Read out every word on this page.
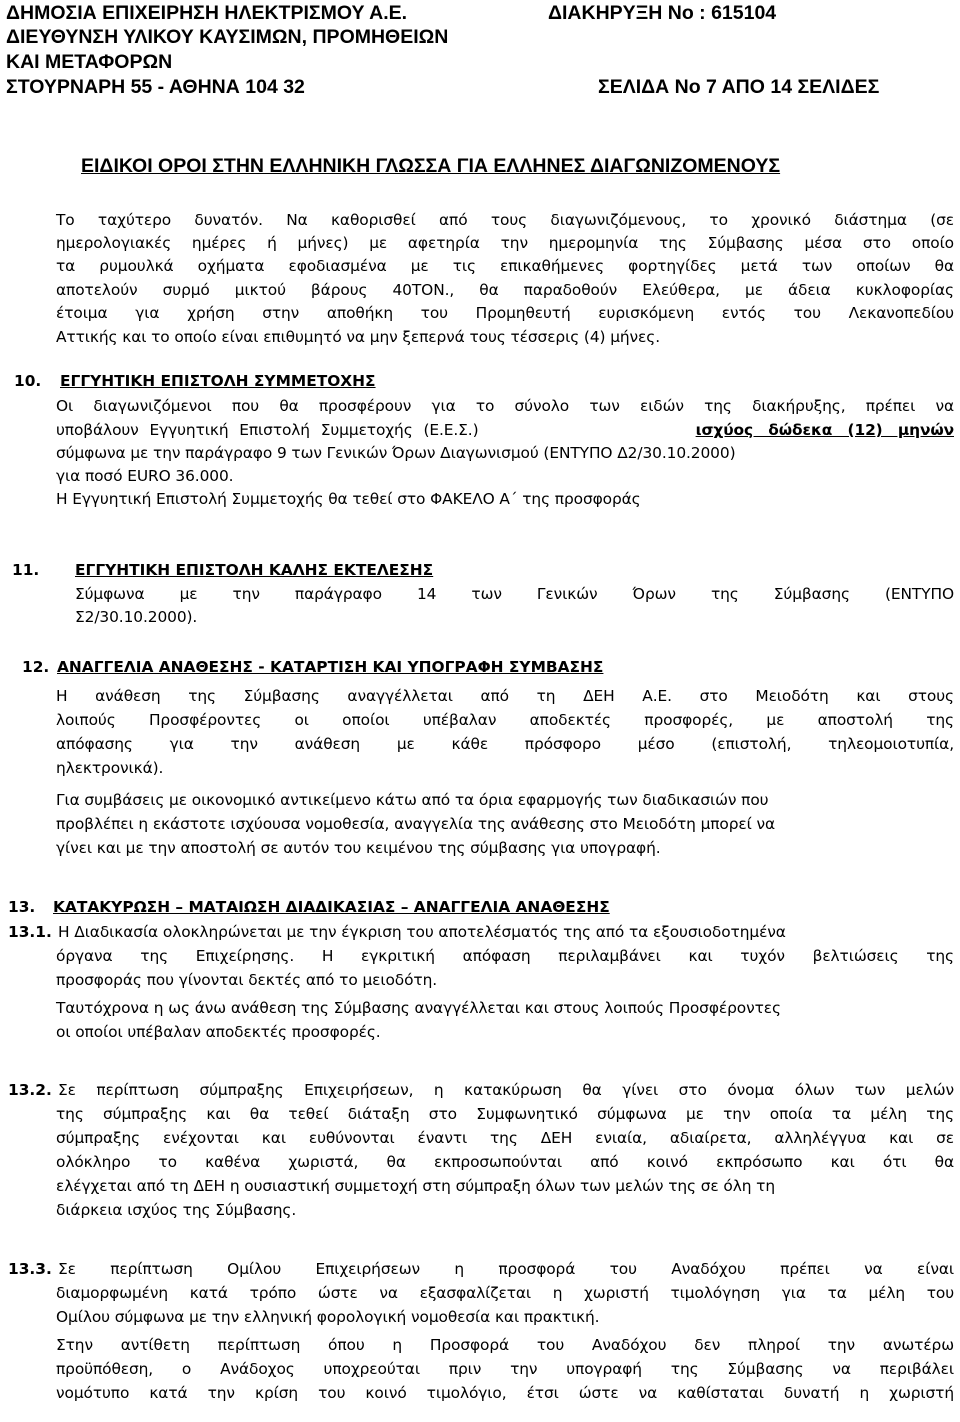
ΔΗΜΟΣΙΑ ΕΠΙΧΕΙΡΗΣΗ ΗΛΕΚΤΡΙΣΜΟΥ Α.Ε.	ΔΙΑΚΗΡΥΞΗ Νο : 615104
ΔΙΕΥΘΥΝΣΗ ΥΛΙΚΟΥ ΚΑΥΣΙΜΩΝ, ΠΡΟΜΗΘΕΙΩΝ
ΚΑΙ ΜΕΤΑΦΟΡΩΝ
ΣΤΟΥΡΝΑΡΗ 55 - ΑΘΗΝΑ 104 32	ΣΕΛΙΔΑ Νο 7 ΑΠΟ 14 ΣΕΛΙΔΕΣ
ΕΙΔΙΚΟΙ ΟΡΟΙ ΣΤΗΝ ΕΛΛΗΝΙΚΗ ΓΛΩΣΣΑ ΓΙΑ ΕΛΛΗΝΕΣ ΔΙΑΓΩΝΙΖΟΜΕΝΟΥΣ
Το ταχύτερο δυνατόν. Να καθορισθεί από τους διαγωνιζόμενους, το χρονικό διάστημα (σε
ημερολογιακές ημέρες ή μήνες) με αφετηρία την ημερομηνία της Σύμβασης μέσα στο οποίο
τα ρυμουλκά οχήματα εφοδιασμένα με τις επικαθήμενες φορτηγίδες μετά των οποίων θα
αποτελούν συρμό μικτού βάρους 40ΤΟΝ., θα παραδοθούν Ελεύθερα, με άδεια κυκλοφορίας
έτοιμα για χρήση στην αποθήκη του Προμηθευτή ευρισκόμενη εντός του Λεκανοπεδίου
Αττικής και το οποίο είναι επιθυμητό να μην ξεπερνά τους τέσσερις (4) μήνες.
10. ΕΓΓΥΗΤΙΚΗ ΕΠΙΣΤΟΛΗ ΣΥΜΜΕΤΟΧΗΣ
Οι διαγωνιζόμενοι που θα προσφέρουν για το σύνολο των ειδών της διακήρυξης, πρέπει να
υποβάλουν Εγγυητική Επιστολή Συμμετοχής (Ε.Ε.Σ.)	ισχύος δώδεκα (12) μηνών
σύμφωνα με την παράγραφο 9 των Γενικών Όρων Διαγωνισμού (ΕΝΤΥΠΟ Δ2/30.10.2000)
για ποσό EURO 36.000.
Η Εγγυητική Επιστολή Συμμετοχής θα τεθεί στο ΦΑΚΕΛΟ Α΄ της προσφοράς
11. ΕΓΓΥΗΤΙΚΗ ΕΠΙΣΤΟΛΗ ΚΑΛΗΣ ΕΚΤΕΛΕΣΗΣ
Σύμφωνα με την παράγραφο 14 των Γενικών Όρων της Σύμβασης (ΕΝΤΥΠΟ
Σ2/30.10.2000).
12. ΑΝΑΓΓΕΛΙΑ ΑΝΑΘΕΣΗΣ - ΚΑΤΑΡΤΙΣΗ ΚΑΙ ΥΠΟΓΡΑΦΗ ΣΥΜΒΑΣΗΣ
Η ανάθεση της Σύμβασης αναγγέλλεται από τη ΔΕΗ Α.Ε. στο Μειοδότη και στους
λοιπούς Προσφέροντες οι οποίοι υπέβαλαν αποδεκτές προσφορές, με αποστολή της
απόφασης για την ανάθεση με κάθε πρόσφορο μέσο (επιστολή, τηλεομοιοτυπία,
ηλεκτρονικά).
Για συμβάσεις με οικονομικό αντικείμενο κάτω από τα όρια εφαρμογής των διαδικασιών που
προβλέπει η εκάστοτε ισχύουσα νομοθεσία, αναγγελία της ανάθεσης στο Μειοδότη μπορεί να
γίνει και με την αποστολή σε αυτόν του κειμένου της σύμβασης για υπογραφή.
13. ΚΑΤΑΚΥΡΩΣΗ – ΜΑΤΑΙΩΣΗ ΔΙΑΔΙΚΑΣΙΑΣ – ΑΝΑΓΓΕΛΙΑ ΑΝΑΘΕΣΗΣ
13.1. Η Διαδικασία ολοκληρώνεται με την έγκριση του αποτελέσματός της από τα εξουσιοδοτημένα
όργανα της Επιχείρησης. Η εγκριτική απόφαση περιλαμβάνει και τυχόν βελτιώσεις της
προσφοράς που γίνονται δεκτές από το μειοδότη.
Ταυτόχρονα η ως άνω ανάθεση της Σύμβασης αναγγέλλεται και στους λοιπούς Προσφέροντες
οι οποίοι υπέβαλαν αποδεκτές προσφορές.
13.2. Σε περίπτωση σύμπραξης Επιχειρήσεων, η κατακύρωση θα γίνει στο όνομα όλων των μελών
της σύμπραξης και θα τεθεί διάταξη στο Συμφωνητικό σύμφωνα με την οποία τα μέλη της
σύμπραξης ενέχονται και ευθύνονται έναντι της ΔΕΗ ενιαία, αδιαίρετα, αλληλέγγυα και σε
ολόκληρο το καθένα χωριστά, θα εκπροσωπούνται από κοινό εκπρόσωπο και ότι θα
ελέγχεται από τη ΔΕΗ η ουσιαστική συμμετοχή στη σύμπραξη όλων των μελών της σε όλη τη
διάρκεια ισχύος της Σύμβασης.
13.3. Σε περίπτωση Ομίλου Επιχειρήσεων η προσφορά του Αναδόχου πρέπει να είναι
διαμορφωμένη κατά τρόπο ώστε να εξασφαλίζεται η χωριστή τιμολόγηση για τα μέλη του
Ομίλου σύμφωνα με την ελληνική φορολογική νομοθεσία και πρακτική.
Στην αντίθετη περίπτωση όπου η Προσφορά του Αναδόχου δεν πληροί την ανωτέρω
προϋπόθεση, ο Ανάδοχος υποχρεούται πριν την υπογραφή της Σύμβασης να περιβάλει
νομότυπο κατά την κρίση του κοινό τιμολόγιο, έτσι ώστε να καθίσταται δυνατή η χωριστή
